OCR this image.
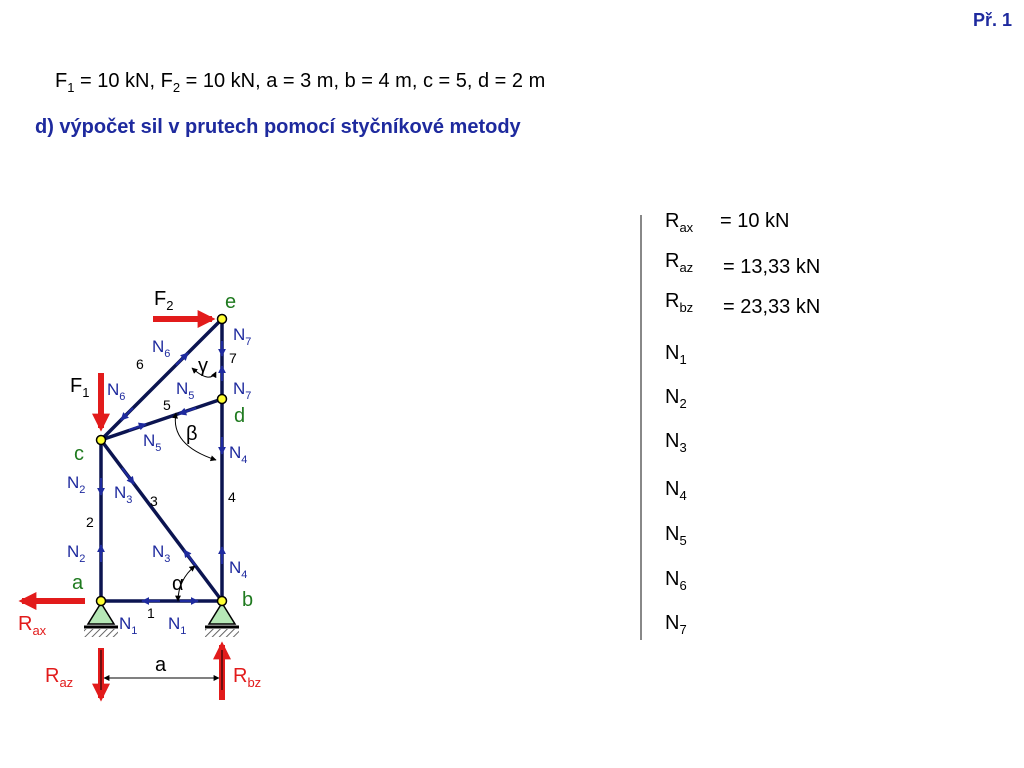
Př. 1
$F_1 = 10$ kN, $F_2 = 10$ kN, a = 3 m, b = 4 m, c = 5, d = 2 m
d) výpočet sil v prutech pomocí styčníkové metody
$R_{ax} = 10$ kN
$R_{az} = 13,33$ kN
$R_{bz} = 23,33$ kN
$N_1$
$N_2$
$N_3$
$N_4$
$N_5$
$N_6$
$N_7$
e
d
c
a
b
1
2
3	4
5
6	7
$F_2$
$F_1$
$R_{ax}$
$R_{az}$	$R_{bz}$
$N_7$
$N_7$
$N_6$
$N_6$	$N_5$
$N_5$	$N_4$
$N_4$
$N_3$
$N_3$
$N_2$
$N_2$
$N_1$ $N_1$
α
β
γ
a
